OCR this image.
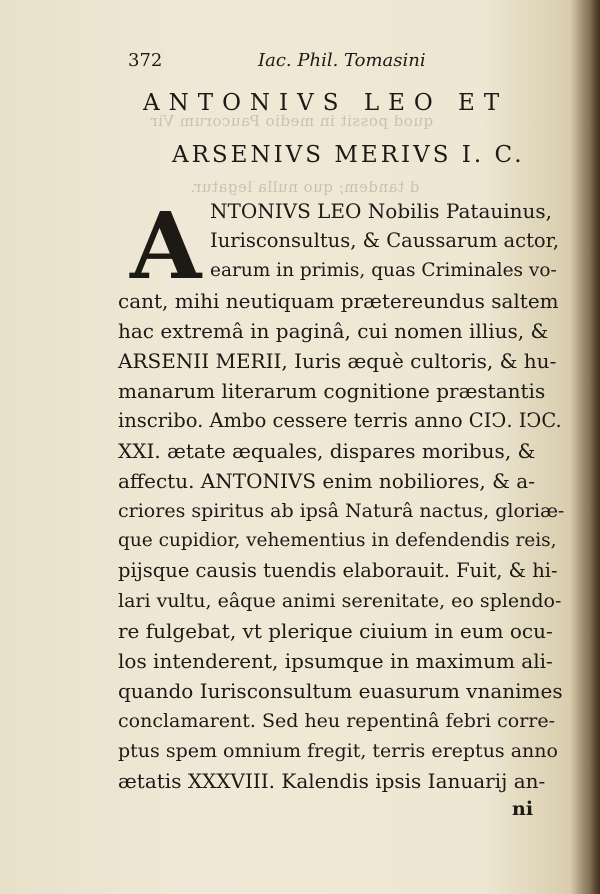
quod possit in medio Paucorum Vir
d tandem; quo nulla legatur.
372	Iac. Phil. Tomasini
ANTONIVS LEO ET
ARSENIVS MERIVS I. C.
A NTONIVS LEO Nobilis Patauinus,
Iurisconsultus, & Caussarum actor,
earum in primis, quas Criminales vo-
cant, mihi neutiquam prætereundus saltem
hac extremâ in paginâ, cui nomen illius, &
ARSENII MERII, Iuris æquè cultoris, & hu-
manarum literarum cognitione præstantis
inscribo. Ambo cessere terris anno CIↃ. IↃC.
XXI. ætate æquales, dispares moribus, &
affectu. ANTONIVS enim nobiliores, & a-
criores spiritus ab ipsâ Naturâ nactus, gloriæ-
que cupidior, vehementius in defendendis reis,
pijsque causis tuendis elaborauit. Fuit, & hi-
lari vultu, eâque animi serenitate, eo splendo-
re fulgebat, vt plerique ciuium in eum ocu-
los intenderent, ipsumque in maximum ali-
quando Iurisconsultum euasurum vnanimes
conclamarent. Sed heu repentinâ febri corre-
ptus spem omnium fregit, terris ereptus anno
ætatis XXXVIII. Kalendis ipsis Ianuarij an-
ni
